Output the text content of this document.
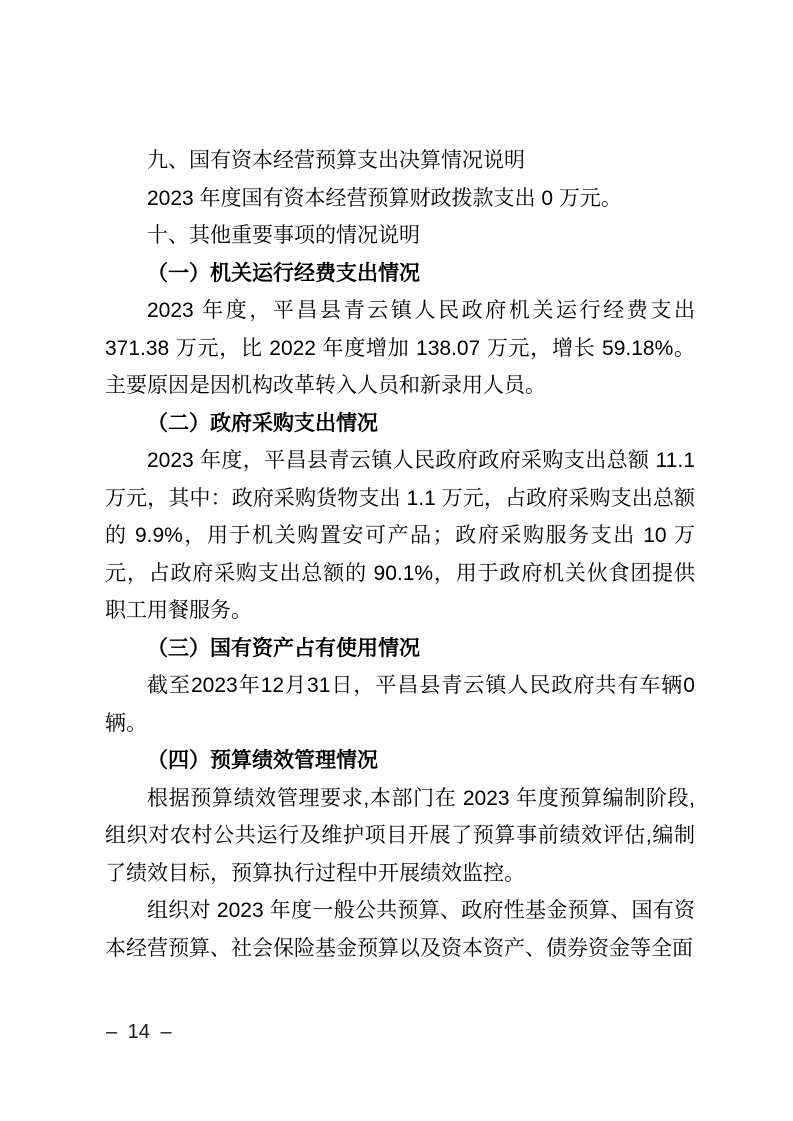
九、国有资本经营预算支出决算情况说明

2023 年度国有资本经营预算财政拨款支出 0 万元。

十、其他重要事项的情况说明

（一）机关运行经费支出情况

2023 年度，平昌县青云镇人民政府机关运行经费支出 371.38 万元，比 2022 年度增加 138.07 万元，增长 59.18%。主要原因是因机构改革转入人员和新录用人员。

（二）政府采购支出情况

2023 年度，平昌县青云镇人民政府政府采购支出总额 11.1 万元，其中：政府采购货物支出 1.1 万元，占政府采购支出总额的 9.9%，用于机关购置安可产品；政府采购服务支出 10 万元，占政府采购支出总额的 90.1%，用于政府机关伙食团提供职工用餐服务。

（三）国有资产占有使用情况

截至2023年12月31日，平昌县青云镇人民政府共有车辆0辆。

（四）预算绩效管理情况

根据预算绩效管理要求,本部门在 2023 年度预算编制阶段,组织对农村公共运行及维护项目开展了预算事前绩效评估,编制了绩效目标，预算执行过程中开展绩效监控。

组织对 2023 年度一般公共预算、政府性基金预算、国有资本经营预算、社会保险基金预算以及资本资产、债券资金等全面

– 14 –
